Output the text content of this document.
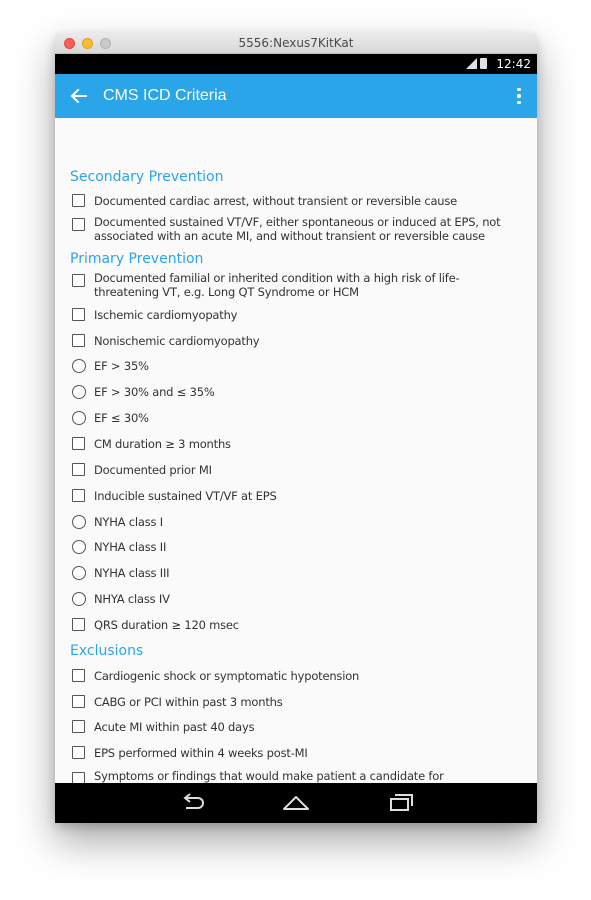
5556:Nexus7KitKat
12:42
CMS ICD Criteria
Secondary Prevention
Documented cardiac arrest, without transient or reversible cause
Documented sustained VT/VF, either spontaneous or induced at EPS, not associated with an acute MI, and without transient or reversible cause
Primary Prevention
Documented familial or inherited condition with a high risk of life-threatening VT, e.g. Long QT Syndrome or HCM
Ischemic cardiomyopathy
Nonischemic cardiomyopathy
EF > 35%
EF > 30% and ≤ 35%
EF ≤ 30%
CM duration ≥ 3 months
Documented prior MI
Inducible sustained VT/VF at EPS
NYHA class I
NYHA class II
NYHA class III
NHYA class IV
QRS duration ≥ 120 msec
Exclusions
Cardiogenic shock or symptomatic hypotension
CABG or PCI within past 3 months
Acute MI within past 40 days
EPS performed within 4 weeks post-MI
Symptoms or findings that would make patient a candidate for
